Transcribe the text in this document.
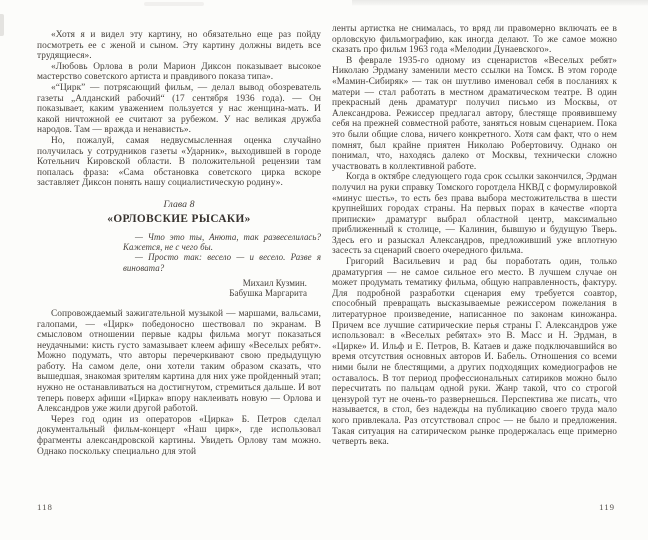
«Хотя я и видел эту картину, но обязательно еще раз пойду посмотреть ее с женой и сыном. Эту картину должны видеть все трудящиеся».

«Любовь Орлова в роли Марион Диксон показывает высокое мастерство советского артиста и правдивого показа типа».

«“Цирк” — потрясающий фильм, — делал вывод обозреватель газеты „Алданский рабочий“ (17 сентября 1936 года). — Он показывает, каким уважением пользуется у нас женщина-мать. И какой ничтожной ее считают за рубежом. У нас великая дружба народов. Там — вражда и ненависть».

Но, пожалуй, самая недвусмысленная оценка случайно получилась у сотрудников газеты «Ударник», выходившей в городе Котельнич Кировской области. В положительной рецензии там попалась фраза: «Сама обстановка советского цирка вскоре заставляет Диксон понять нашу социалистическую родину».

Глава 8
«ОРЛОВСКИЕ РЫСАКИ»

— Что это ты, Анюта, так развеселилась? Кажется, не с чего бы.

— Просто так: весело — и весело. Разве я виновата?

Михаил Кузмин.
Бабушка Маргарита

Сопровождаемый зажигательной музыкой — маршами, вальсами, галопами, — «Цирк» победоносно шествовал по экранам. В смысловом отношении первые кадры фильма могут показаться неудачными: кисть густо замазывает клеем афишу «Веселых ребят». Можно подумать, что авторы перечеркивают свою предыдущую работу. На самом деле, они хотели таким образом сказать, что вышедшая, знакомая зрителям картина для них уже пройденный этап; нужно не останавливаться на достигнутом, стремиться дальше. И вот теперь поверх афиши «Цирка» впору наклеивать новую — Орлова и Александров уже жили другой работой.

Через год один из операторов «Цирка» Б. Петров сделал документальный фильм-концерт «Наш цирк», где использовал фрагменты александровской картины. Увидеть Орлову там можно. Однако поскольку специально для этой

ленты артистка не снималась, то вряд ли правомерно включать ее в орловскую фильмографию, как иногда делают. То же самое можно сказать про фильм 1963 года «Мелодии Дунаевского».

В феврале 1935-го одному из сценаристов «Веселых ребят» Николаю Эрдману заменили место ссылки на Томск. В этом городе «Мамин-Сибиряк» — так он шутливо именовал себя в посланиях к матери — стал работать в местном драматическом театре. В один прекрасный день драматург получил письмо из Москвы, от Александрова. Режиссер предлагал автору, блестяще проявившему себя на прежней совместной работе, заняться новым сценарием. Пока это были общие слова, ничего конкретного. Хотя сам факт, что о нем помнят, был крайне приятен Николаю Робертовичу. Однако он понимал, что, находясь далеко от Москвы, технически сложно участвовать в коллективной работе.

Когда в октябре следующего года срок ссылки закончился, Эрдман получил на руки справку Томского горотдела НКВД с формулировкой «минус шесть», то есть без права выбора местожительства в шести крупнейших городах страны. На первых порах в качестве «порта приписки» драматург выбрал областной центр, максимально приближенный к столице, — Калинин, бывшую и будущую Тверь. Здесь его и разыскал Александров, предложивший уже вплотную засесть за сценарий своего очередного фильма.

Григорий Васильевич и рад бы поработать один, только драматургия — не самое сильное его место. В лучшем случае он может продумать тематику фильма, общую направленность, фактуру. Для подробной разработки сценария ему требуется соавтор, способный превращать высказываемые режиссером пожелания в литературное произведение, написанное по законам киножанра. Причем все лучшие сатирические перья страны Г. Александров уже использовал: в «Веселых ребятах» это В. Масс и Н. Эрдман, в «Цирке» И. Ильф и Е. Петров, В. Катаев и даже подключавшийся во время отсутствия основных авторов И. Бабель. Отношения со всеми ними были не блестящими, а других подходящих комедиографов не оставалось. В тот период профессиональных сатириков можно было пересчитать по пальцам одной руки. Жанр такой, что со строгой цензурой тут не очень-то развернешься. Перспектива же писать, что называется, в стол, без надежды на публикацию своего труда мало кого привлекала. Раз отсутствовал спрос — не было и предложения. Такая ситуация на сатирическом рынке продержалась еще примерно четверть века.

118	119
